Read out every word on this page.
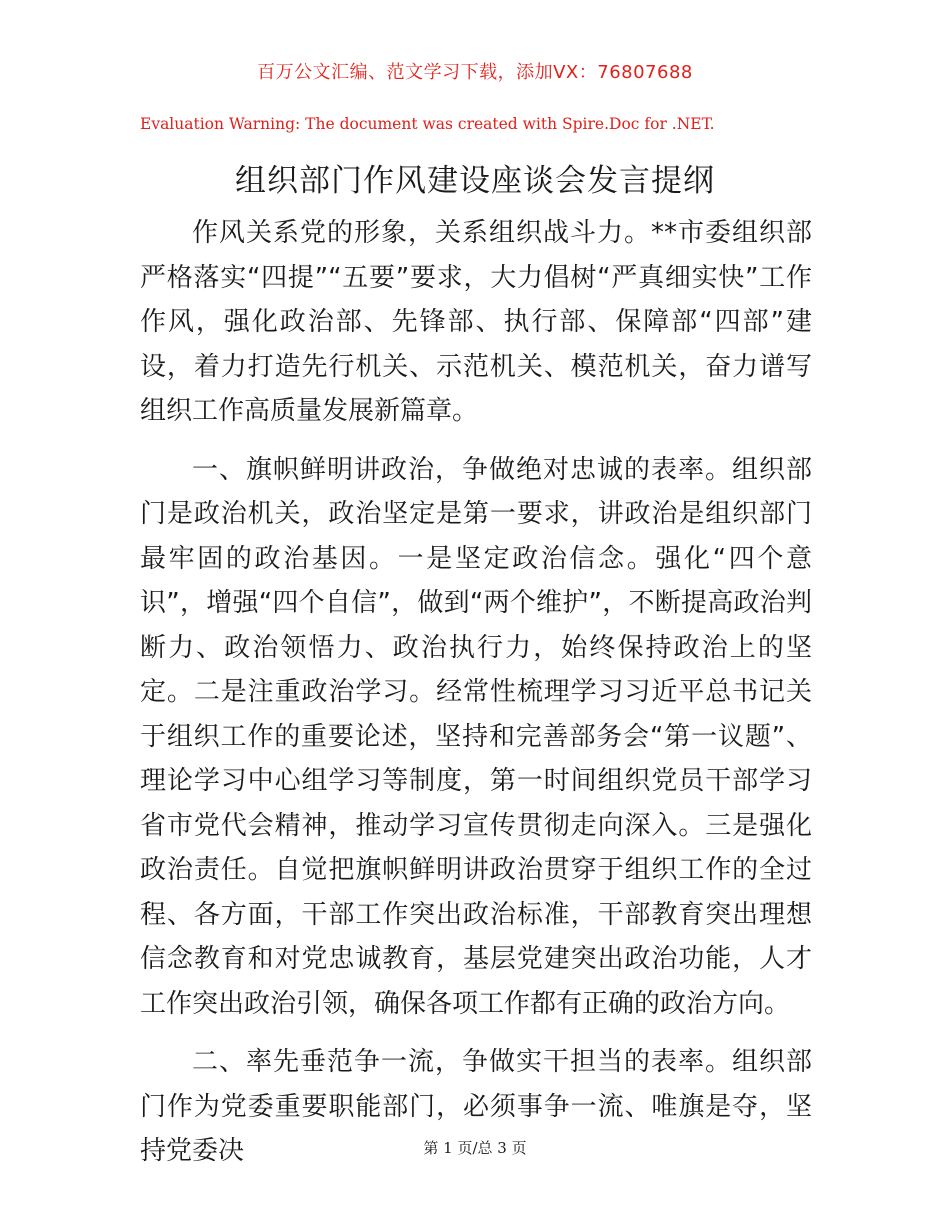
百万公文汇编、范文学习下载，添加VX：76807688
Evaluation Warning: The document was created with Spire.Doc for .NET.
组织部门作风建设座谈会发言提纲

作风关系党的形象，关系组织战斗力。**市委组织部严格落实“四提”“五要”要求，大力倡树“严真细实快”工作作风，强化政治部、先锋部、执行部、保障部“四部”建设，着力打造先行机关、示范机关、模范机关，奋力谱写组织工作高质量发展新篇章。

一、旗帜鲜明讲政治，争做绝对忠诚的表率。组织部门是政治机关，政治坚定是第一要求，讲政治是组织部门最牢固的政治基因。一是坚定政治信念。强化“四个意识”，增强“四个自信”，做到“两个维护”，不断提高政治判断力、政治领悟力、政治执行力，始终保持政治上的坚定。二是注重政治学习。经常性梳理学习习近平总书记关于组织工作的重要论述，坚持和完善部务会“第一议题”、理论学习中心组学习等制度，第一时间组织党员干部学习省市党代会精神，推动学习宣传贯彻走向深入。三是强化政治责任。自觉把旗帜鲜明讲政治贯穿于组织工作的全过程、各方面，干部工作突出政治标准，干部教育突出理想信念教育和对党忠诚教育，基层党建突出政治功能，人才工作突出政治引领，确保各项工作都有正确的政治方向。

二、率先垂范争一流，争做实干担当的表率。组织部门作为党委重要职能部门，必须事争一流、唯旗是夺，坚持党委决	第 1 页/总 3 页
